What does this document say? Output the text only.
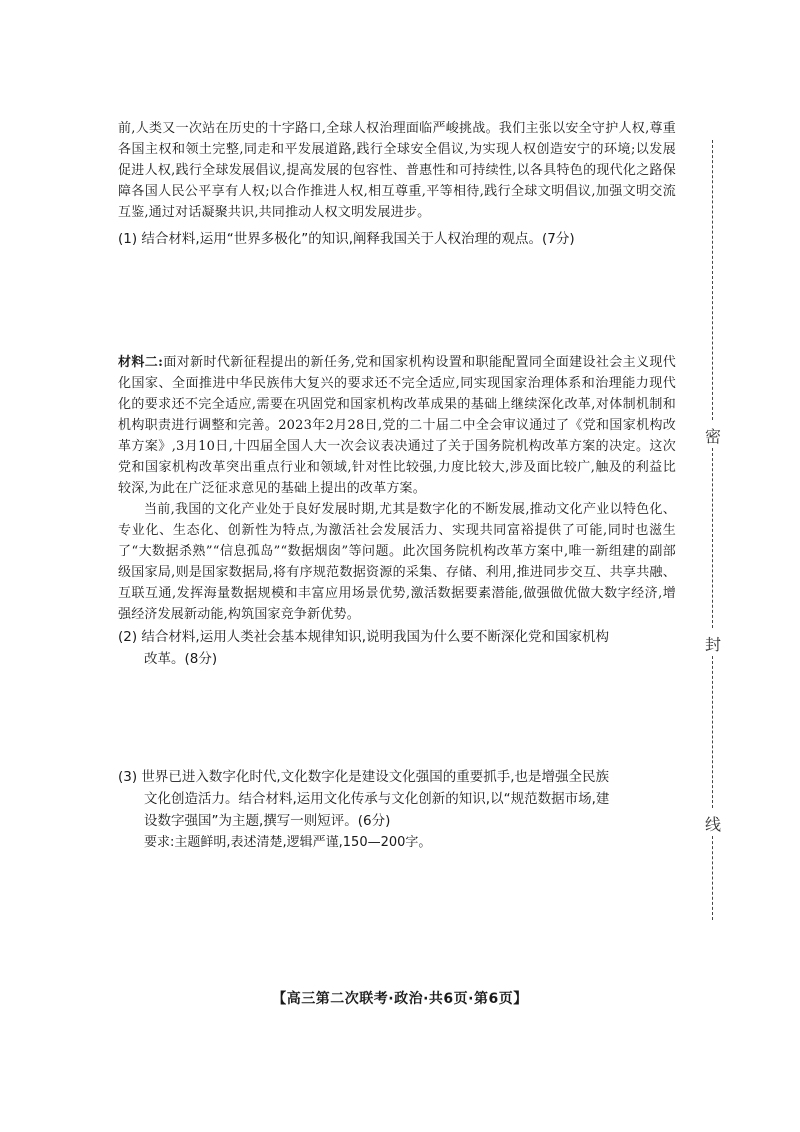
前,人类又一次站在历史的十字路口,全球人权治理面临严峻挑战。我们主张以安全守护人权,尊重各国主权和领土完整,同走和平发展道路,践行全球安全倡议,为实现人权创造安宁的环境;以发展促进人权,践行全球发展倡议,提高发展的包容性、普惠性和可持续性,以各具特色的现代化之路保障各国人民公平享有人权;以合作推进人权,相互尊重,平等相待,践行全球文明倡议,加强文明交流互鉴,通过对话凝聚共识,共同推动人权文明发展进步。

(1) 结合材料,运用“世界多极化”的知识,阐释我国关于人权治理的观点。(7分)

材料二:面对新时代新征程提出的新任务,党和国家机构设置和职能配置同全面建设社会主义现代化国家、全面推进中华民族伟大复兴的要求还不完全适应,同实现国家治理体系和治理能力现代化的要求还不完全适应,需要在巩固党和国家机构改革成果的基础上继续深化改革,对体制机制和机构职责进行调整和完善。2023年2月28日,党的二十届二中全会审议通过了《党和国家机构改革方案》,3月10日,十四届全国人大一次会议表决通过了关于国务院机构改革方案的决定。这次党和国家机构改革突出重点行业和领域,针对性比较强,力度比较大,涉及面比较广,触及的利益比较深,为此在广泛征求意见的基础上提出的改革方案。

当前,我国的文化产业处于良好发展时期,尤其是数字化的不断发展,推动文化产业以特色化、专业化、生态化、创新性为特点,为激活社会发展活力、实现共同富裕提供了可能,同时也滋生了“大数据杀熟”“信息孤岛”“数据烟囱”等问题。此次国务院机构改革方案中,唯一新组建的副部级国家局,则是国家数据局,将有序规范数据资源的采集、存储、利用,推进同步交互、共享共融、互联互通,发挥海量数据规模和丰富应用场景优势,激活数据要素潜能,做强做优做大数字经济,增强经济发展新动能,构筑国家竞争新优势。

(2) 结合材料,运用人类社会基本规律知识,说明我国为什么要不断深化党和国家机构
改革。(8分)

(3) 世界已进入数字化时代,文化数字化是建设文化强国的重要抓手,也是增强全民族
文化创造活力。结合材料,运用文化传承与文化创新的知识,以“规范数据市场,建
设数字强国”为主题,撰写一则短评。(6分)

要求:主题鲜明,表述清楚,逻辑严谨,150—200字。

密
封
线
【高三第二次联考·政治·共6页·第6页】
